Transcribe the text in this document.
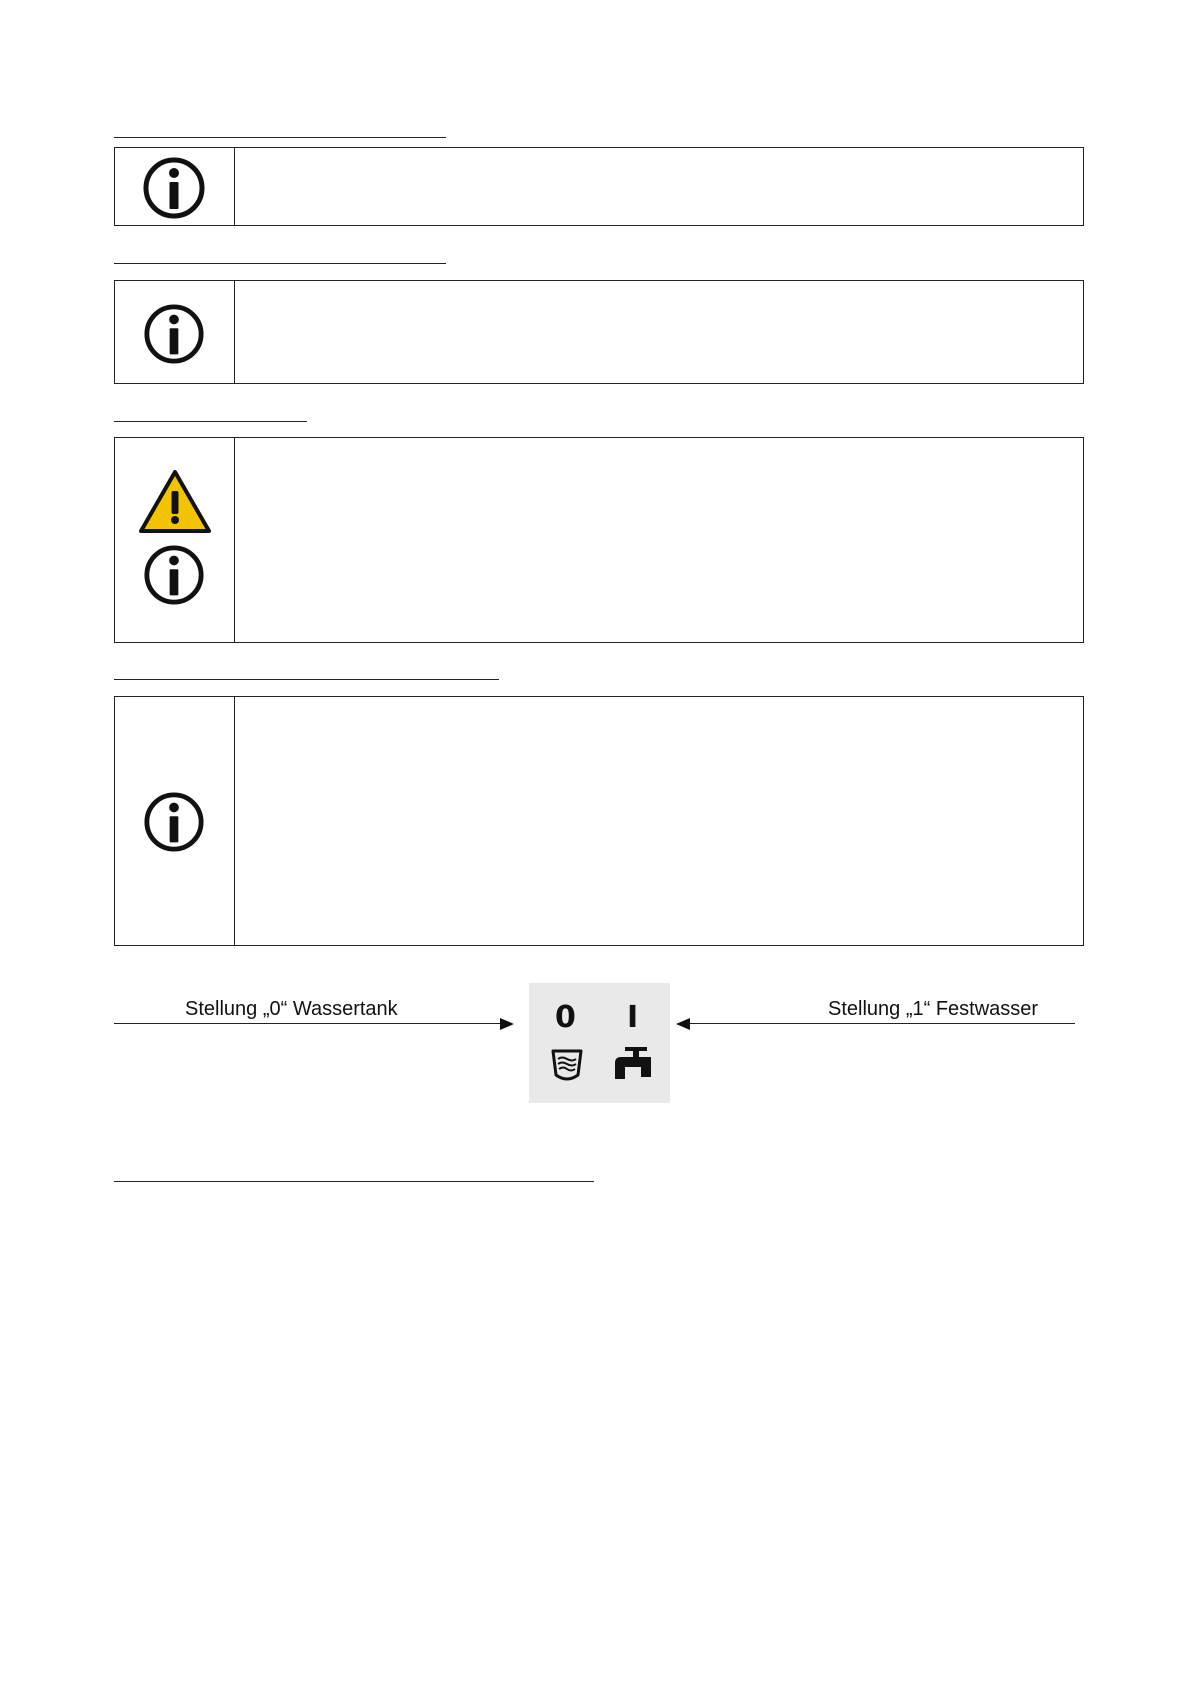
Stellung „0“ Wassertank	0 I	Stellung „1“ Festwasser
